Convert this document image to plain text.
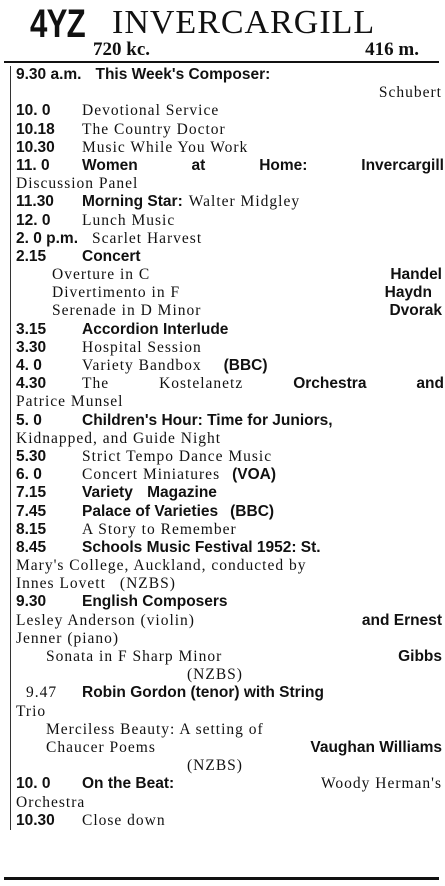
4YZ INVERCARGILL
720 kc.	416 m.
9.30 a.m. This Week's Composer:
Schubert
10. 0	Devotional Service
10.18	The Country Doctor
10.30	Music While You Work
11. 0	Women	at	Home:	Invercargill
Discussion Panel
11.30	Morning Star: Walter Midgley
12. 0	Lunch Music
2. 0 p.m. Scarlet Harvest
2.15	Concert
Overture in C	Handel
Divertimento in F	Haydn
Serenade in D Minor	Dvorak
3.15	Accordion Interlude
3.30	Hospital Session
4. 0	Variety Bandbox (BBC)
4.30	The	Kostelanetz	Orchestra	and
Patrice Munsel
5. 0	Children's Hour: Time for Juniors,
Kidnapped, and Guide Night
5.30	Strict Tempo Dance Music
6. 0	Concert Miniatures (VOA)
7.15	Variety Magazine
7.45	Palace of Varieties (BBC)
8.15	A Story to Remember
8.45	Schools Music Festival 1952: St.
Mary's College, Auckland, conducted by
Innes Lovett (NZBS)
9.30	English Composers
Lesley Anderson (violin)	and Ernest
Jenner (piano)
Sonata in F Sharp Minor	Gibbs
(NZBS)
9.47	Robin Gordon (tenor) with String
Trio
Merciless Beauty: A setting of
Chaucer Poems	Vaughan Williams
(NZBS)
10. 0	On the Beat:	Woody Herman's
Orchestra
10.30	Close down
